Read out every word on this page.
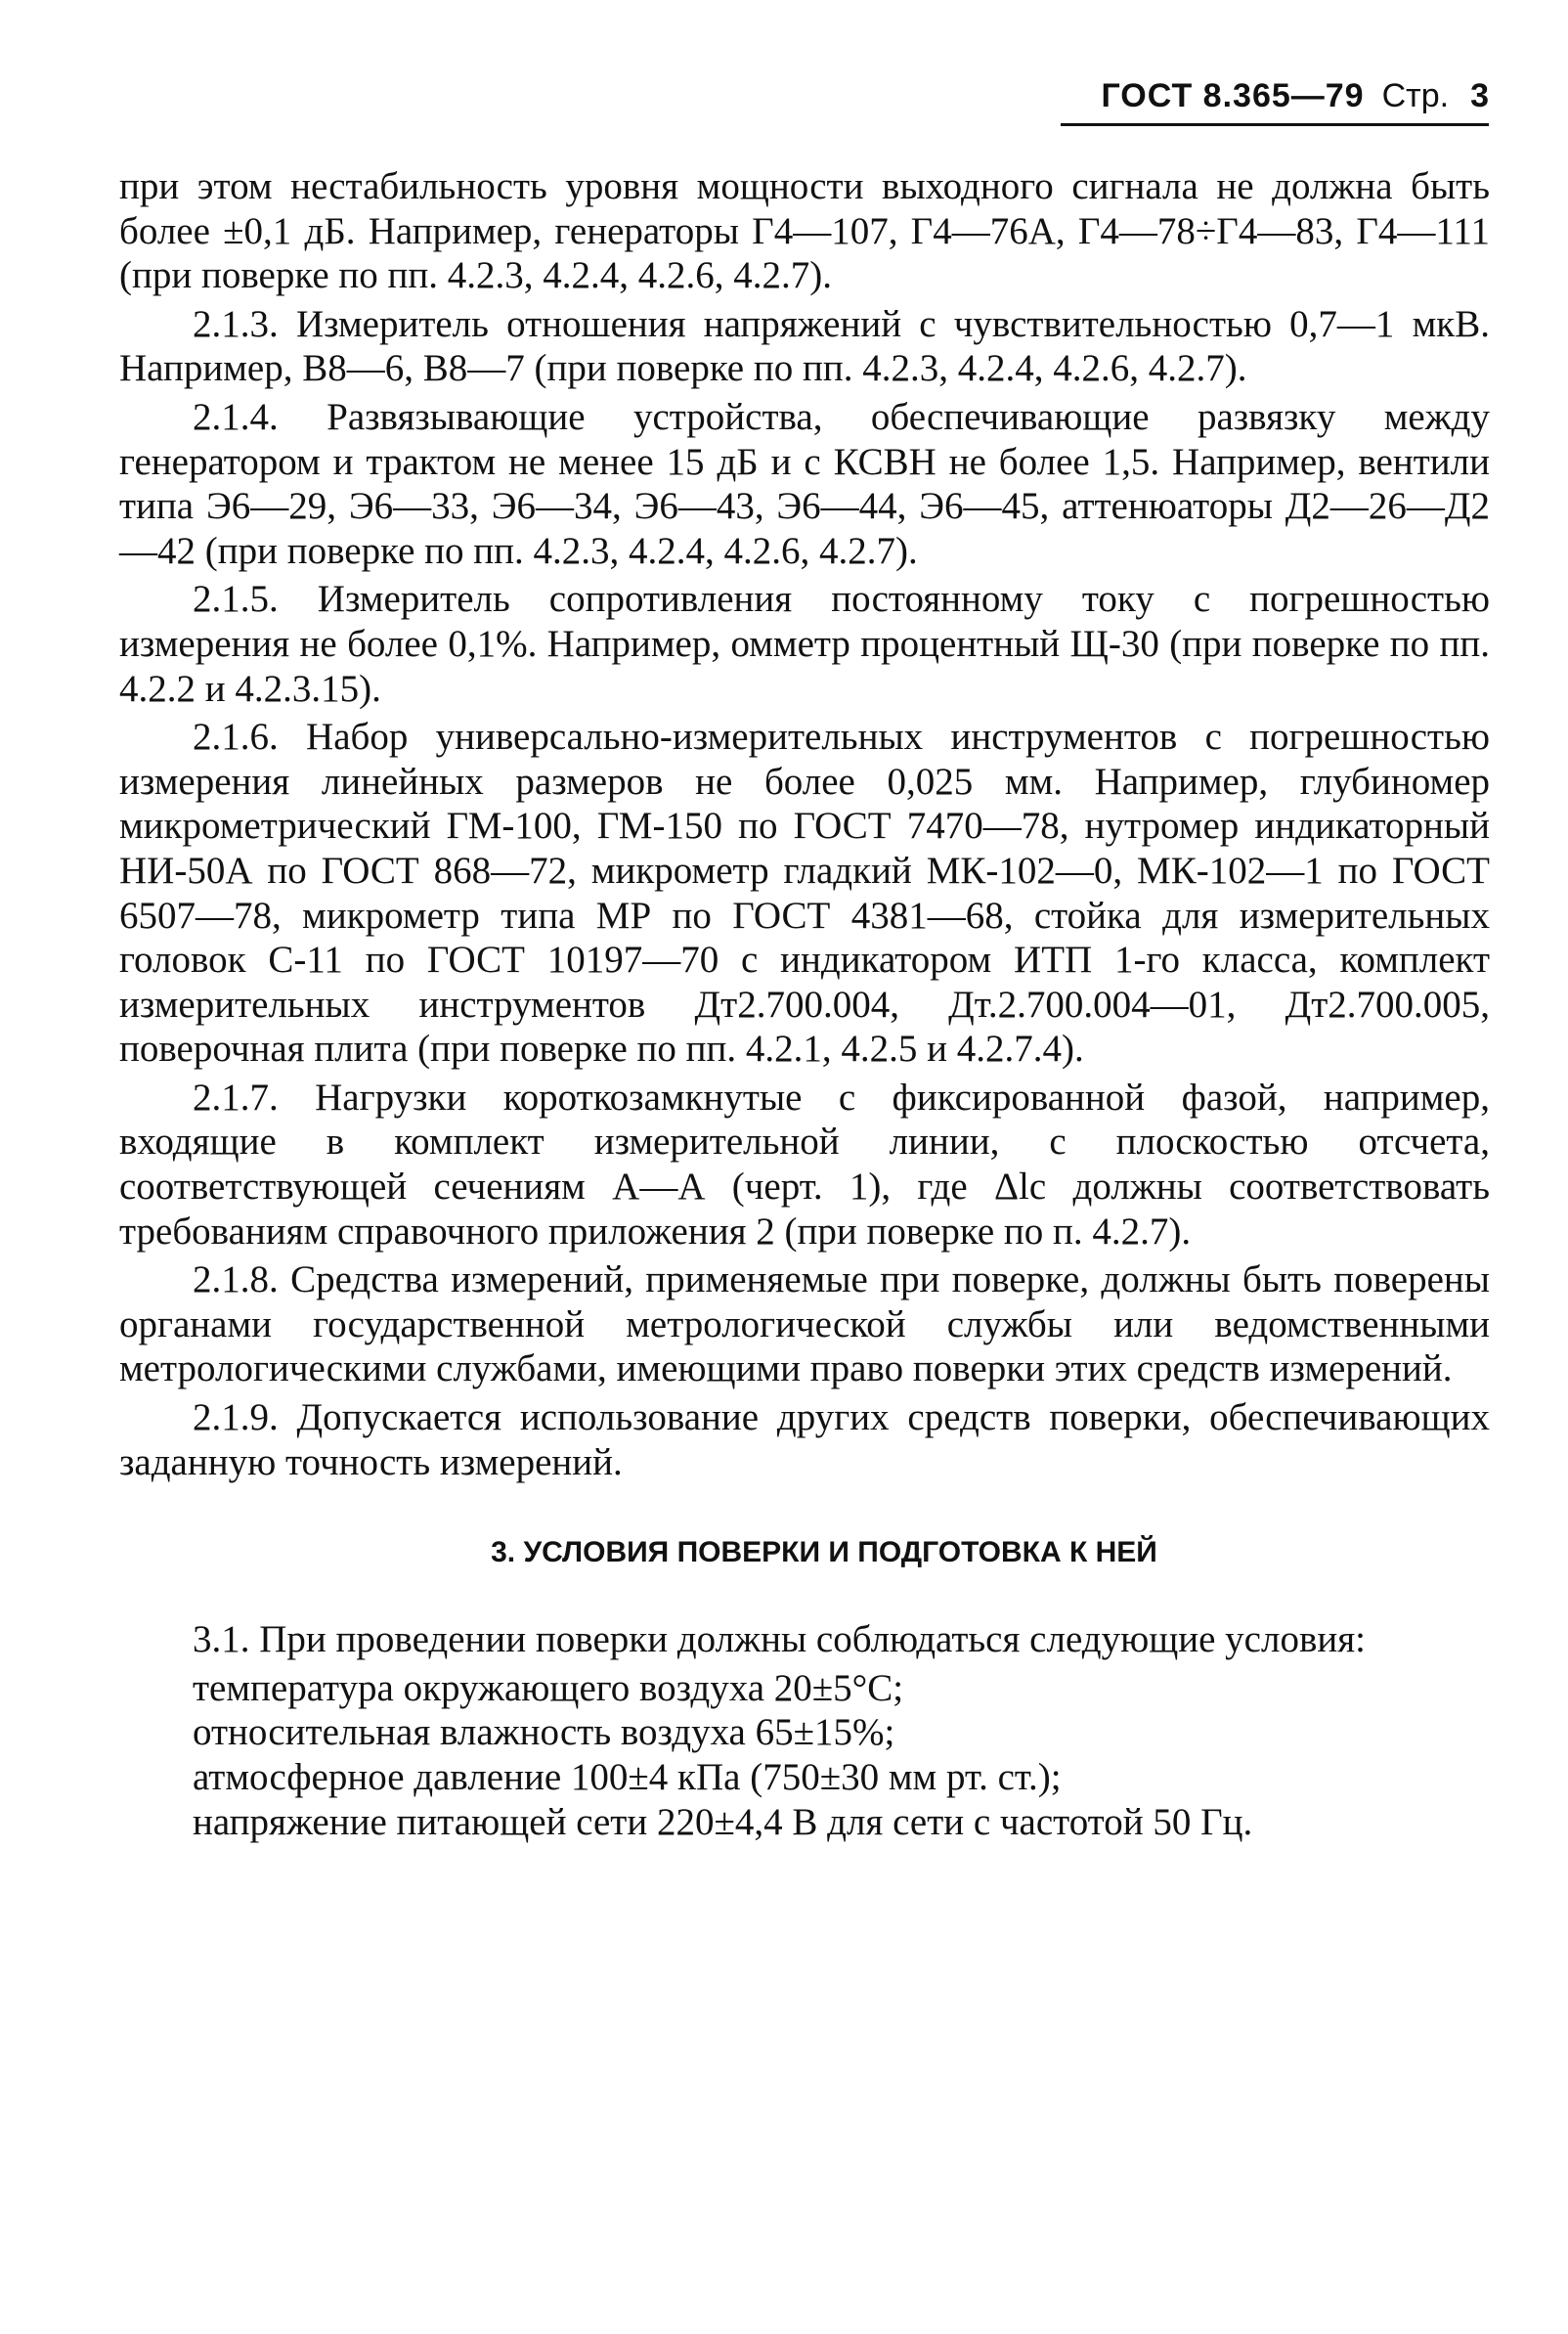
ГОСТ 8.365—79 Стр. 3

при этом нестабильность уровня мощности выходного сигнала не должна быть более ±0,1 дБ. Например, генераторы Г4—107, Г4—76А, Г4—78÷Г4—83, Г4—111 (при поверке по пп. 4.2.3, 4.2.4, 4.2.6, 4.2.7).

2.1.3. Измеритель отношения напряжений с чувствительностью 0,7—1 мкВ. Например, В8—6, В8—7 (при поверке по пп. 4.2.3, 4.2.4, 4.2.6, 4.2.7).

2.1.4. Развязывающие устройства, обеспечивающие развязку между генератором и трактом не менее 15 дБ и с КСВН не более 1,5. Например, вентили типа Э6—29, Э6—33, Э6—34, Э6—43, Э6—44, Э6—45, аттенюаторы Д2—26—Д2—42 (при поверке по пп. 4.2.3, 4.2.4, 4.2.6, 4.2.7).

2.1.5. Измеритель сопротивления постоянному току с погрешностью измерения не более 0,1%. Например, омметр процентный Щ-30 (при поверке по пп. 4.2.2 и 4.2.3.15).

2.1.6. Набор универсально-измерительных инструментов с погрешностью измерения линейных размеров не более 0,025 мм. Например, глубиномер микрометрический ГМ-100, ГМ-150 по ГОСТ 7470—78, нутромер индикаторный НИ-50А по ГОСТ 868—72, микрометр гладкий МК-102—0, МК-102—1 по ГОСТ 6507—78, микрометр типа МР по ГОСТ 4381—68, стойка для измерительных головок С-11 по ГОСТ 10197—70 с индикатором ИТП 1-го класса, комплект измерительных инструментов Дт2.700.004, Дт.2.700.004—01, Дт2.700.005, поверочная плита (при поверке по пп. 4.2.1, 4.2.5 и 4.2.7.4).

2.1.7. Нагрузки короткозамкнутые с фиксированной фазой, например, входящие в комплект измерительной линии, с плоскостью отсчета, соответствующей сечениям А—А (черт. 1), где Δlс должны соответствовать требованиям справочного приложения 2 (при поверке по п. 4.2.7).

2.1.8. Средства измерений, применяемые при поверке, должны быть поверены органами государственной метрологической службы или ведомственными метрологическими службами, имеющими право поверки этих средств измерений.

2.1.9. Допускается использование других средств поверки, обеспечивающих заданную точность измерений.

3. УСЛОВИЯ ПОВЕРКИ И ПОДГОТОВКА К НЕЙ

3.1. При проведении поверки должны соблюдаться следующие условия:

температура окружающего воздуха 20±5°С;

относительная влажность воздуха 65±15%;

атмосферное давление 100±4 кПа (750±30 мм рт. ст.);

напряжение питающей сети 220±4,4 В для сети с частотой 50 Гц.
